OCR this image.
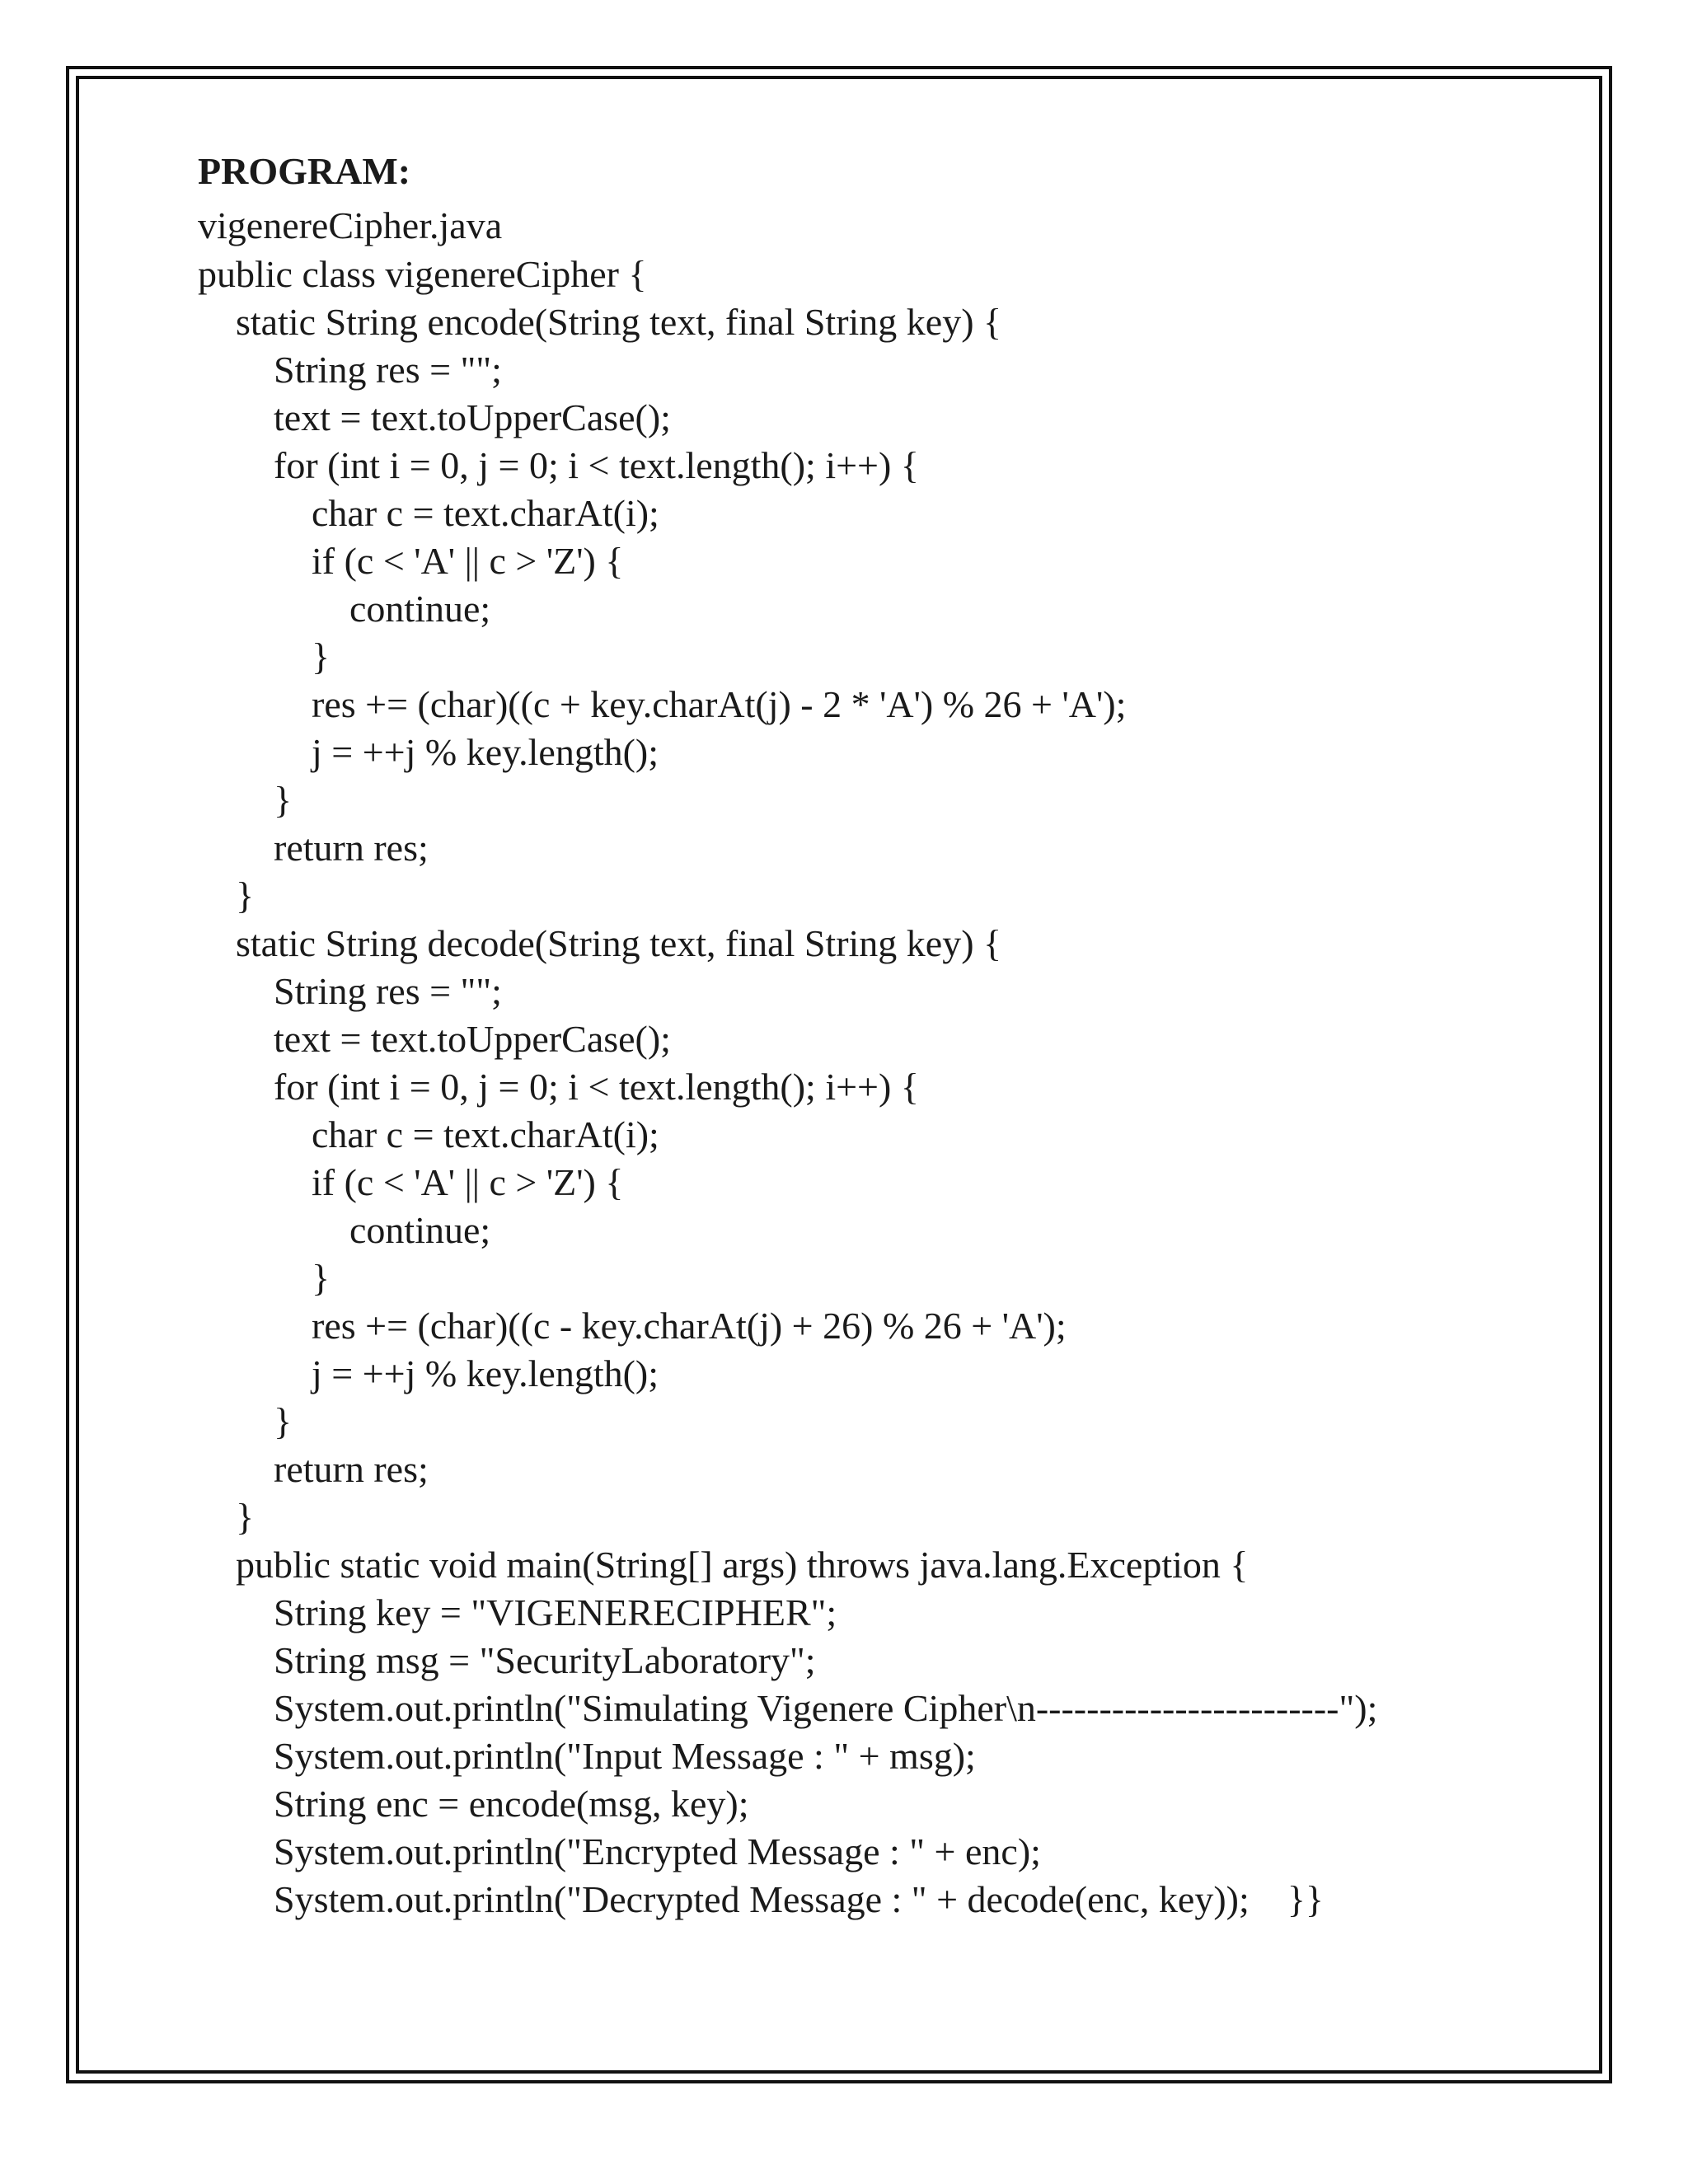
PROGRAM:
vigenereCipher.java
public class vigenereCipher {
static String encode(String text, final String key) {
String res = "";
text = text.toUpperCase();
for (int i = 0, j = 0; i < text.length(); i++) {
char c = text.charAt(i);
if (c < 'A' || c > 'Z') {
continue;
}
res += (char)((c + key.charAt(j) - 2 * 'A') % 26 + 'A');
j = ++j % key.length();
}
return res;
}
static String decode(String text, final String key) {
String res = "";
text = text.toUpperCase();
for (int i = 0, j = 0; i < text.length(); i++) {
char c = text.charAt(i);
if (c < 'A' || c > 'Z') {
continue;
}
res += (char)((c - key.charAt(j) + 26) % 26 + 'A');
j = ++j % key.length();
}
return res;
}
public static void main(String[] args) throws java.lang.Exception {
String key = "VIGENERECIPHER";
String msg = "SecurityLaboratory";
System.out.println("Simulating Vigenere Cipher\n------------------------");
System.out.println("Input Message : " + msg);
String enc = encode(msg, key);
System.out.println("Encrypted Message : " + enc);
System.out.println("Decrypted Message : " + decode(enc, key));    }}
